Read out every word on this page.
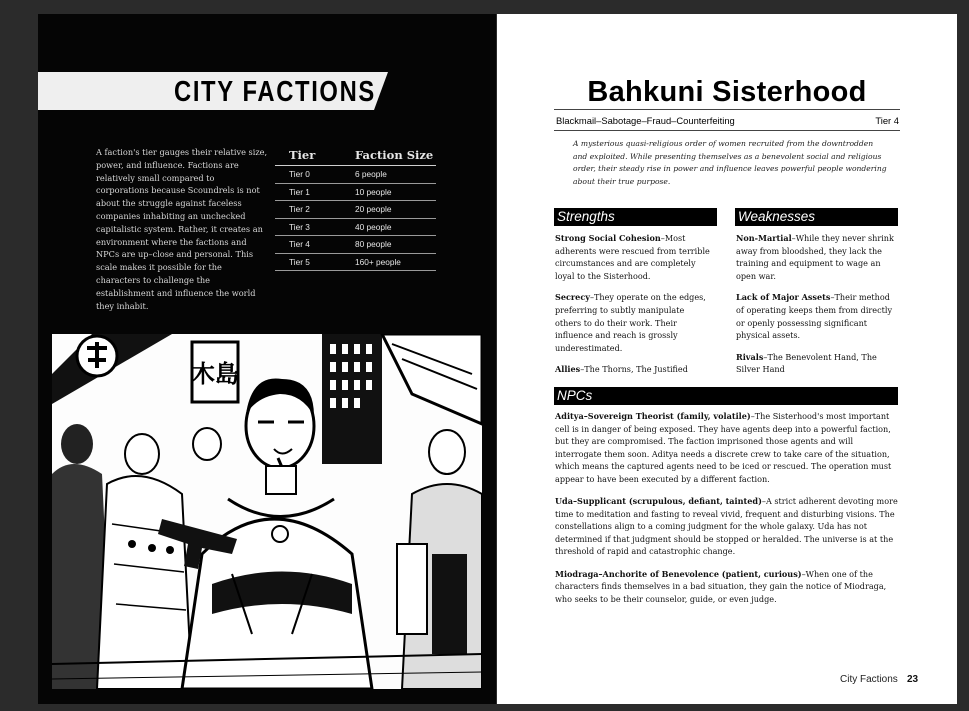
CITY FACTIONS

A faction's tier gauges their relative size, power, and influence. Factions are relatively small compared to corporations because Scoundrels is not about the struggle against faceless companies inhabiting an unchecked capitalistic system. Rather, it creates an environment where the factions and NPCs are up–close and personal. This scale makes it possible for the characters to challenge the establishment and influence the world they inhabit.

Tier	Faction Size
Tier 0	6 people
Tier 1	10 people
Tier 2	20 people
Tier 3	40 people
Tier 4	80 people
Tier 5	160+ people
木島
Bahkuni Sisterhood
Blackmail–Sabotage–Fraud–Counterfeiting	Tier 4

A mysterious quasi-religious order of women recruited from the downtrodden and exploited. While presenting themselves as a benevolent social and religious order, their steady rise in power and influence leaves powerful people wondering about their true purpose.

Strengths	Weaknesses

Strong Social Cohesion–Most adherents were rescued from terrible circumstances and are completely loyal to the Sisterhood.

Secrecy–They operate on the edges, preferring to subtly manipulate others to do their work. Their influence and reach is grossly underestimated.

Allies–The Thorns, The Justified

Non-Martial–While they never shrink away from bloodshed, they lack the training and equipment to wage an open war.

Lack of Major Assets–Their method of operating keeps them from directly or openly possessing significant physical assets.

Rivals–The Benevolent Hand, The Silver Hand

NPCs

Aditya–Sovereign Theorist (family, volatile)–The Sisterhood's most important cell is in danger of being exposed. They have agents deep into a powerful faction, but they are compromised. The faction imprisoned those agents and will interrogate them soon. Aditya needs a discrete crew to take care of the situation, which means the captured agents need to be iced or rescued. The operation must appear to have been executed by a different faction.

Uda–Supplicant (scrupulous, defiant, tainted)–A strict adherent devoting more time to meditation and fasting to reveal vivid, frequent and disturbing visions. The constellations align to a coming judgment for the whole galaxy. Uda has not determined if that judgment should be stopped or heralded. The universe is at the threshold of rapid and catastrophic change.

Miodraga–Anchorite of Benevolence (patient, curious)–When one of the characters finds themselves in a bad situation, they gain the notice of Miodraga, who seeks to be their counselor, guide, or even judge.

City Factions 23
